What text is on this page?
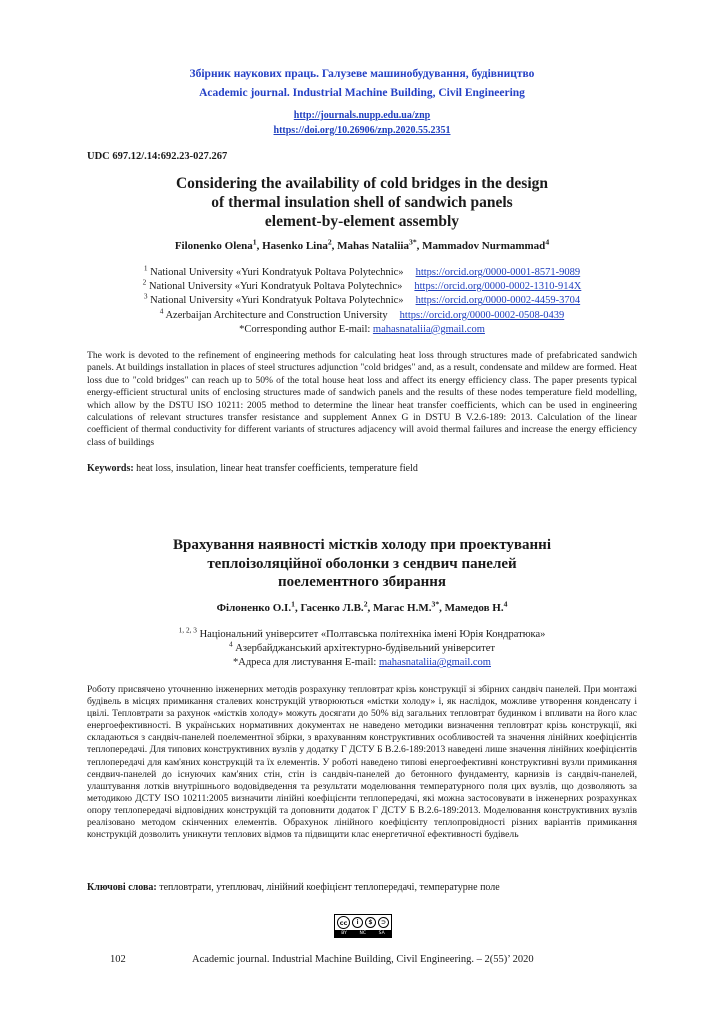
Збірник наукових праць. Галузеве машинобудування, будівництво
Academic journal. Industrial Machine Building, Civil Engineering
http://journals.nupp.edu.ua/znp
https://doi.org/10.26906/znp.2020.55.2351
UDC 697.12/.14:692.23-027.267
Considering the availability of cold bridges in the design
of thermal insulation shell of sandwich panels
element-by-element assembly
Filonenko Olena$^1$, Hasenko Lina$^2$, Mahas Nataliia$^{3*}$, Mammadov Nurmammad$^4$
$^1$ National University «Yuri Kondratyuk Poltava Polytechnic» https://orcid.org/0000-0001-8571-9089
$^2$ National University «Yuri Kondratyuk Poltava Polytechnic» https://orcid.org/0000-0002-1310-914X
$^3$ National University «Yuri Kondratyuk Poltava Polytechnic» https://orcid.org/0000-0002-4459-3704
$^4$ Azerbaijan Architecture and Construction University https://orcid.org/0000-0002-0508-0439
*Corresponding author E-mail: mahasnataliia@gmail.com
The work is devoted to the refinement of engineering methods for calculating heat loss through structures made of prefabricated sandwich panels. At buildings installation in places of steel structures adjunction "cold bridges" and, as a result, condensate and mildew are formed. Heat loss due to "cold bridges" can reach up to 50% of the total house heat loss and affect its energy efficiency class. The paper presents typical energy-efficient structural units of enclosing structures made of sandwich panels and the results of these nodes temperature field modelling, which allow by the DSTU ISO 10211: 2005 method to determine the linear heat transfer coefficients, which can be used in engineering calculations of relevant structures transfer resistance and supplement Annex G in DSTU B V.2.6-189: 2013. Calculation of the linear coefficient of thermal conductivity for different variants of structures adjacency will avoid thermal failures and increase the energy efficiency class of buildings
Keywords: heat loss, insulation, linear heat transfer coefficients, temperature field
Врахування наявності містків холоду при проектуванні
теплоізоляційної оболонки з сендвич панелей
поелементного збирання
Філоненко О.І.$^1$, Гасенко Л.В.$^2$, Магас Н.М.$^{3*}$, Мамедов Н.$^4$
$^{1, 2, 3}$ Національний університет «Полтавська політехніка імені Юрія Кондратюка»
$^4$ Азербайджанський архітектурно-будівельний університет
*Адреса для листування E-mail: mahasnataliia@gmail.com
Роботу присвячено уточненню інженерних методів розрахунку тепловтрат крізь конструкції зі збірних сандвіч панелей. При монтажі будівель в місцях примикання сталевих конструкцій утворюються «містки холоду» і, як наслідок, можливе утворення конденсату і цвілі. Тепловтрати за рахунок «містків холоду» можуть досягати до 50% від загальних тепловтрат будинком і впливати на його клас енергоефективності. В українських нормативних документах не наведено методики визначення тепловтрат крізь конструкції, які складаються з сандвіч-панелей поелементної збірки, з врахуванням конструктивних особливостей та значення лінійних коефіцієнтів теплопередачі. Для типових конструктивних вузлів у додатку Г ДСТУ Б В.2.6-189:2013 наведені лише значення лінійних коефіцієнтів теплопередачі для кам'яних конструкцій та їх елементів. У роботі наведено типові енергоефективні конструктивні вузли примикання сендвич-панелей до існуючих кам'яних стін, стін із сандвіч-панелей до бетонного фундаменту, карнизів із сандвіч-панелей, улаштування лотків внутрішнього водовідведення та результати моделювання температурного поля цих вузлів, що дозволяють за методикою ДСТУ ISO 10211:2005 визначити лінійні коефіцієнти теплопередачі, які можна застосовувати в інженерних розрахунках опору теплопередачі відповідних конструкцій та доповнити додаток Г ДСТУ Б В.2.6-189:2013. Моделювання конструктивних вузлів реалізовано методом скінченних елементів. Обрахунок лінійного коефіцієнту теплопровідності різних варіантів примикання конструкцій дозволить уникнути теплових відмов та підвищити клас енергетичної ефективності будівель
Ключові слова: тепловтрати, утеплювач, лінійний коефіцієнт теплопередачі, температурне поле
cc	i	$	⊃
BY	NC	SA
102	Academic journal. Industrial Machine Building, Civil Engineering. – 2(55)’ 2020
